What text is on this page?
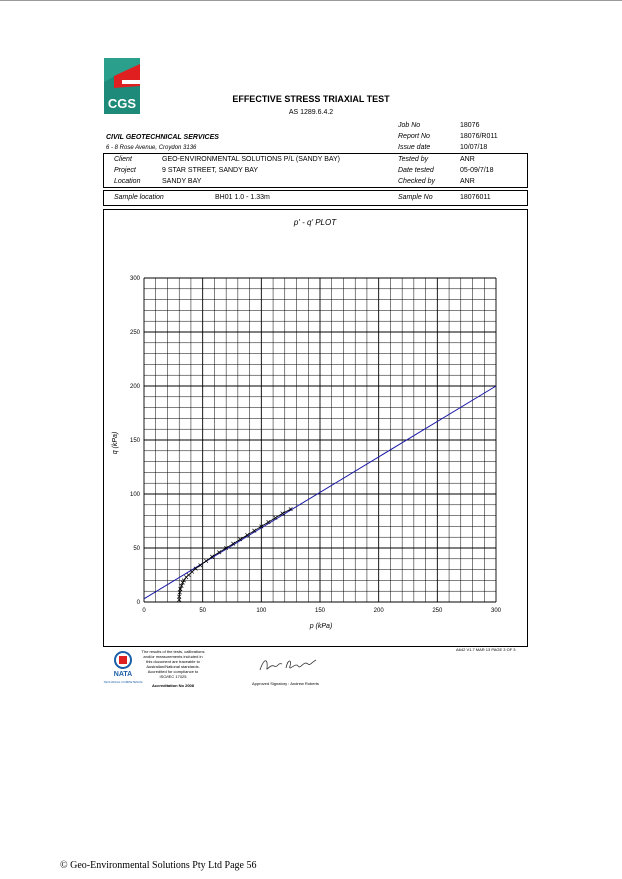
CGS	EFFECTIVE STRESS TRIAXIAL TEST
AS 1289.6.4.2
CIVIL GEOTECHNICAL SERVICES
6 - 8 Rose Avenue, Croydon 3136
Job No	18076
Report No	18076/R011
Issue date	10/07/18
Client	GEO-ENVIRONMENTAL SOLUTIONS P/L (SANDY BAY)
Project	9 STAR STREET, SANDY BAY
Location	SANDY BAY
Tested by	ANR
Date tested	05-09/7/18
Checked by	ANR
Sample location	BH01 1.0 - 1.33m	Sample No	18076011
p' - q' PLOT
0	50	100	150	200	250	300
0
50
100
150
200
250
300
p (kPa)
q (kPa)
NATA
TECHNICAL COMPETENCE
The results of the tests, calibrations and/or measurements included in this document are traceable to Australian/National standards. Accredited for compliance to ISO/IEC 17025
Accreditation No 2008	Approved Signatory : Andrew Roberts
A642 V1.7 MAR 13 PAGE 3 OF 3
© Geo-Environmental Solutions Pty Ltd Page 56
